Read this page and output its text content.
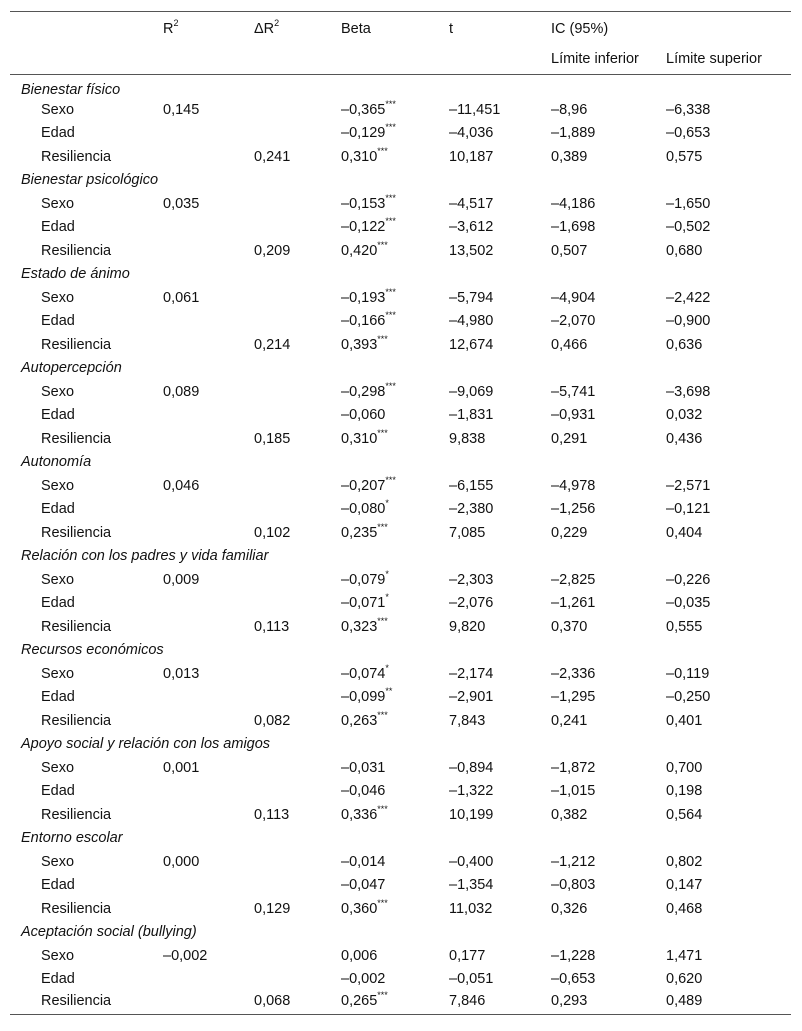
	$R^2$	$\Delta R^2$	Beta	t	IC (95%)	
					Límite inferior	Límite superior
Bienestar físico						
Sexo	0,145		–0,365***	–11,451	–8,96	–6,338
Edad			–0,129***	–4,036	–1,889	–0,653
Resiliencia		0,241	0,310***	10,187	0,389	0,575
Bienestar psicológico						
Sexo	0,035		–0,153***	–4,517	–4,186	–1,650
Edad			–0,122***	–3,612	–1,698	–0,502
Resiliencia		0,209	0,420***	13,502	0,507	0,680
Estado de ánimo						
Sexo	0,061		–0,193***	–5,794	–4,904	–2,422
Edad			–0,166***	–4,980	–2,070	–0,900
Resiliencia		0,214	0,393***	12,674	0,466	0,636
Autopercepción						
Sexo	0,089		–0,298***	–9,069	–5,741	–3,698
Edad			–0,060	–1,831	–0,931	0,032
Resiliencia		0,185	0,310***	9,838	0,291	0,436
Autonomía						
Sexo	0,046		–0,207***	–6,155	–4,978	–2,571
Edad			–0,080*	–2,380	–1,256	–0,121
Resiliencia		0,102	0,235***	7,085	0,229	0,404
Relación con los padres y vida familiar						
Sexo	0,009		–0,079*	–2,303	–2,825	–0,226
Edad			–0,071*	–2,076	–1,261	–0,035
Resiliencia		0,113	0,323***	9,820	0,370	0,555
Recursos económicos						
Sexo	0,013		–0,074*	–2,174	–2,336	–0,119
Edad			–0,099**	–2,901	–1,295	–0,250
Resiliencia		0,082	0,263***	7,843	0,241	0,401
Apoyo social y relación con los amigos						
Sexo	0,001		–0,031	–0,894	–1,872	0,700
Edad			–0,046	–1,322	–1,015	0,198
Resiliencia		0,113	0,336***	10,199	0,382	0,564
Entorno escolar						
Sexo	0,000		–0,014	–0,400	–1,212	0,802
Edad			–0,047	–1,354	–0,803	0,147
Resiliencia		0,129	0,360***	11,032	0,326	0,468
Aceptación social (bullying)						
Sexo	–0,002		0,006	0,177	–1,228	1,471
Edad			–0,002	–0,051	–0,653	0,620
Resiliencia		0,068	0,265***	7,846	0,293	0,489
